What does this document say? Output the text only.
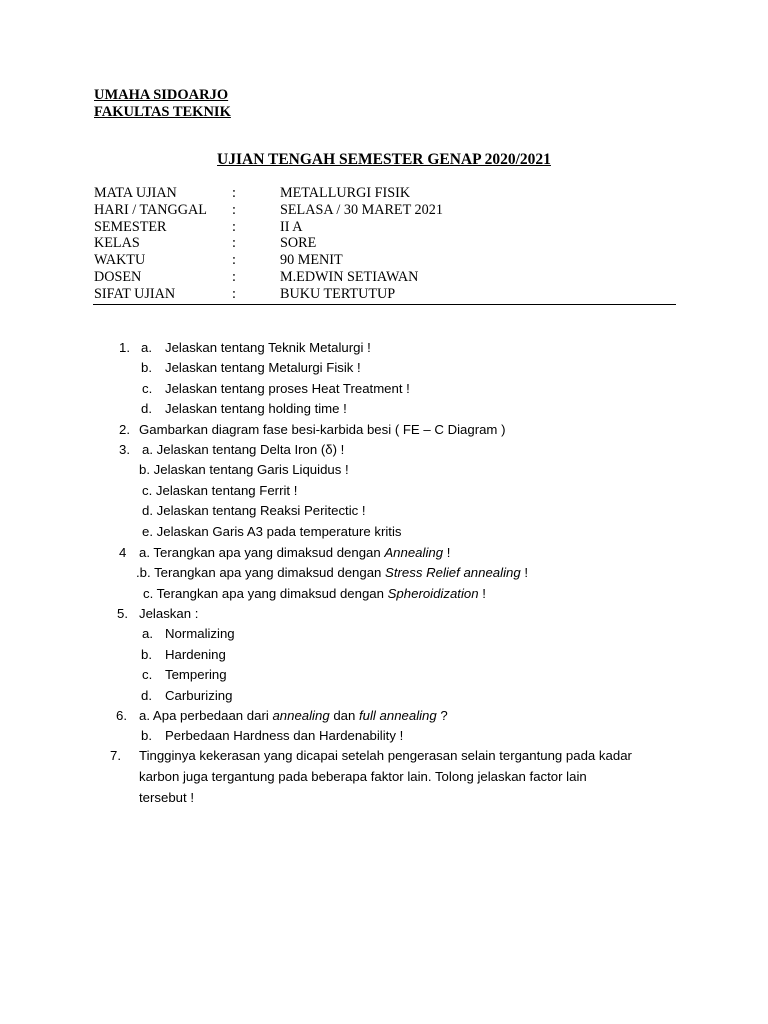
UMAHA SIDOARJO
FAKULTAS TEKNIK
UJIAN TENGAH SEMESTER GENAP 2020/2021
MATA UJIAN	:	METALLURGI FISIK
HARI / TANGGAL :	SELASA / 30 MARET 2021
SEMESTER	:	II A
KELAS	:	SORE
WAKTU	:	90 MENIT
DOSEN	:	M.EDWIN SETIAWAN
SIFAT UJIAN	:	BUKU TERTUTUP
1. a. Jelaskan tentang Teknik Metalurgi !
b. Jelaskan tentang Metalurgi Fisik !
c. Jelaskan tentang proses Heat Treatment !
d. Jelaskan tentang holding time !
2. Gambarkan diagram fase besi-karbida besi ( FE – C Diagram )
3. a. Jelaskan tentang Delta Iron (δ) !
b. Jelaskan tentang Garis Liquidus !
c. Jelaskan tentang Ferrit !
d. Jelaskan tentang Reaksi Peritectic !
e. Jelaskan Garis A3 pada temperature kritis
4 a. Terangkan apa yang dimaksud dengan Annealing !
.b. Terangkan apa yang dimaksud dengan Stress Relief annealing !
c. Terangkan apa yang dimaksud dengan Spheroidization !
5. Jelaskan :
a. Normalizing
b. Hardening
c. Tempering
d. Carburizing
6. a. Apa perbedaan dari annealing dan full annealing ?
b. Perbedaan Hardness dan Hardenability !
7. Tingginya kekerasan yang dicapai setelah pengerasan selain tergantung pada kadar
karbon juga tergantung pada beberapa faktor lain. Tolong jelaskan factor lain
tersebut !
